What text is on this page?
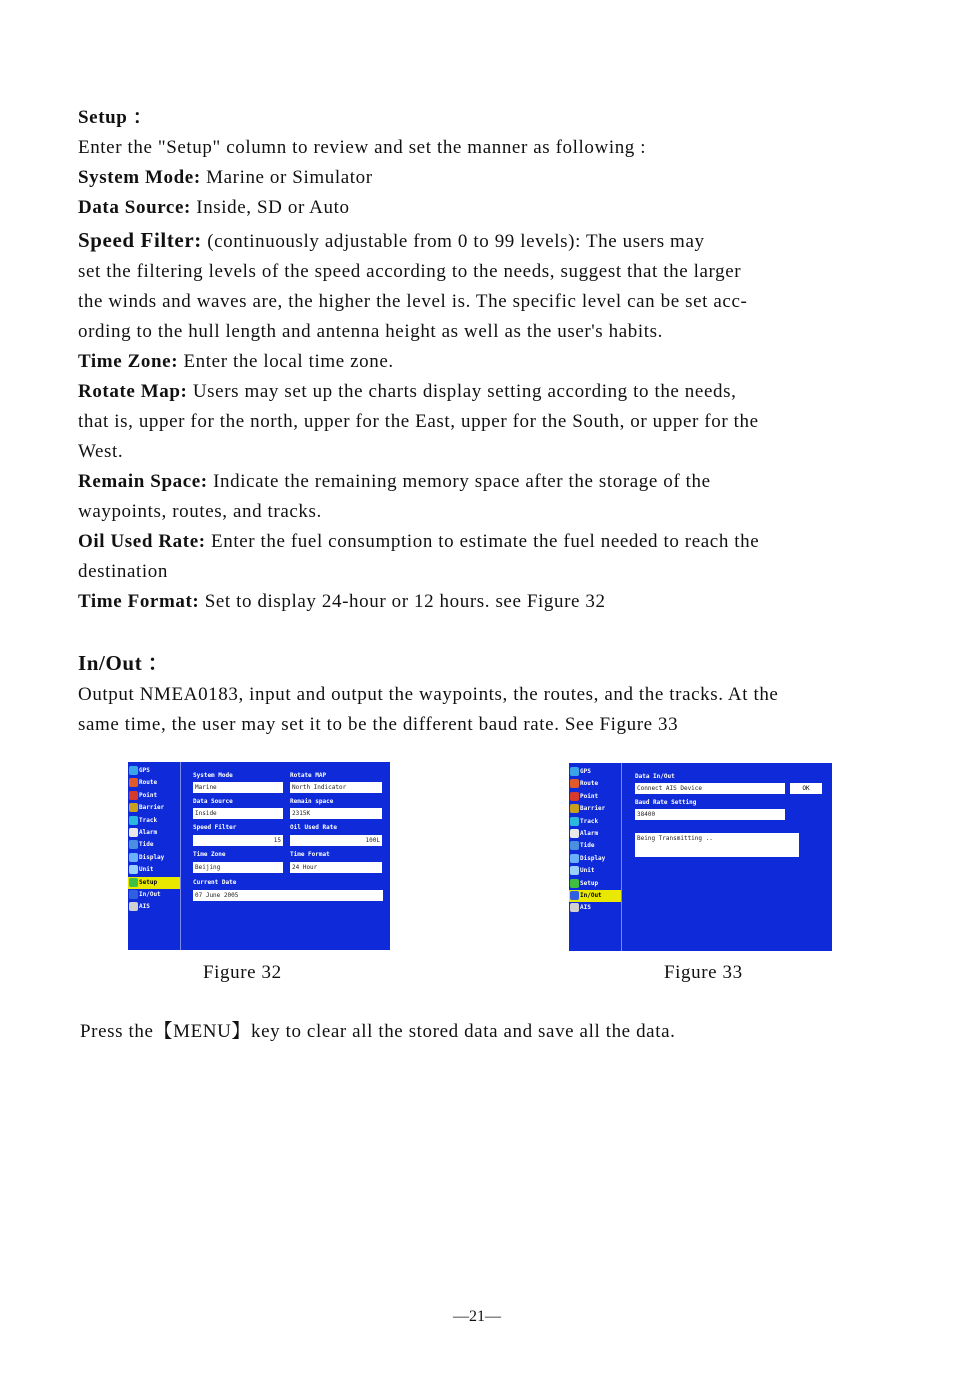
Setup ：
Enter the "Setup" column to review and set the manner as following :
System Mode: Marine or Simulator
Data Source: Inside, SD or Auto
Speed Filter: (continuously adjustable from 0 to 99 levels): The users may
set the filtering levels of the speed according to the needs, suggest that the larger
the winds and waves are, the higher the level is. The specific level can be set acc-
ording to the hull length and antenna height as well as the user's habits.
Time Zone: Enter the local time zone.
Rotate Map: Users may set up the charts display setting according to the needs,
that is, upper for the north, upper for the East, upper for the South, or upper for the
West.
Remain Space: Indicate the remaining memory space after the storage of the
waypoints, routes, and tracks.
Oil Used Rate: Enter the fuel consumption to estimate the fuel needed to reach the
destination
Time Format: Set to display 24-hour or 12 hours. see Figure 32
In/Out ：
Output NMEA0183, input and output the waypoints, the routes, and the tracks. At the
same time, the user may set it to be the different baud rate. See Figure 33
GPS
Route
Point
Barrier
Track
Alarm
Tide
Display
Unit
Setup
In/Out
AIS
System Mode
Marine
Rotate MAP
North Indicator
Data Source
Inside
Remain space
2315K
Speed Filter
15
Oil Used Rate
100L
Time Zone
Beijing
Time Format
24 Hour
Current Date
07 June 2005
GPS
Route
Point
Barrier
Track
Alarm
Tide
Display
Unit
Setup
In/Out
AIS
Data In/Out
Connect AIS Device	OK
Baud Rate Setting
38400
Being Transmitting ..
Figure 32	Figure 33
Press the【MENU】key to clear all the stored data and save all the data.
—21—
